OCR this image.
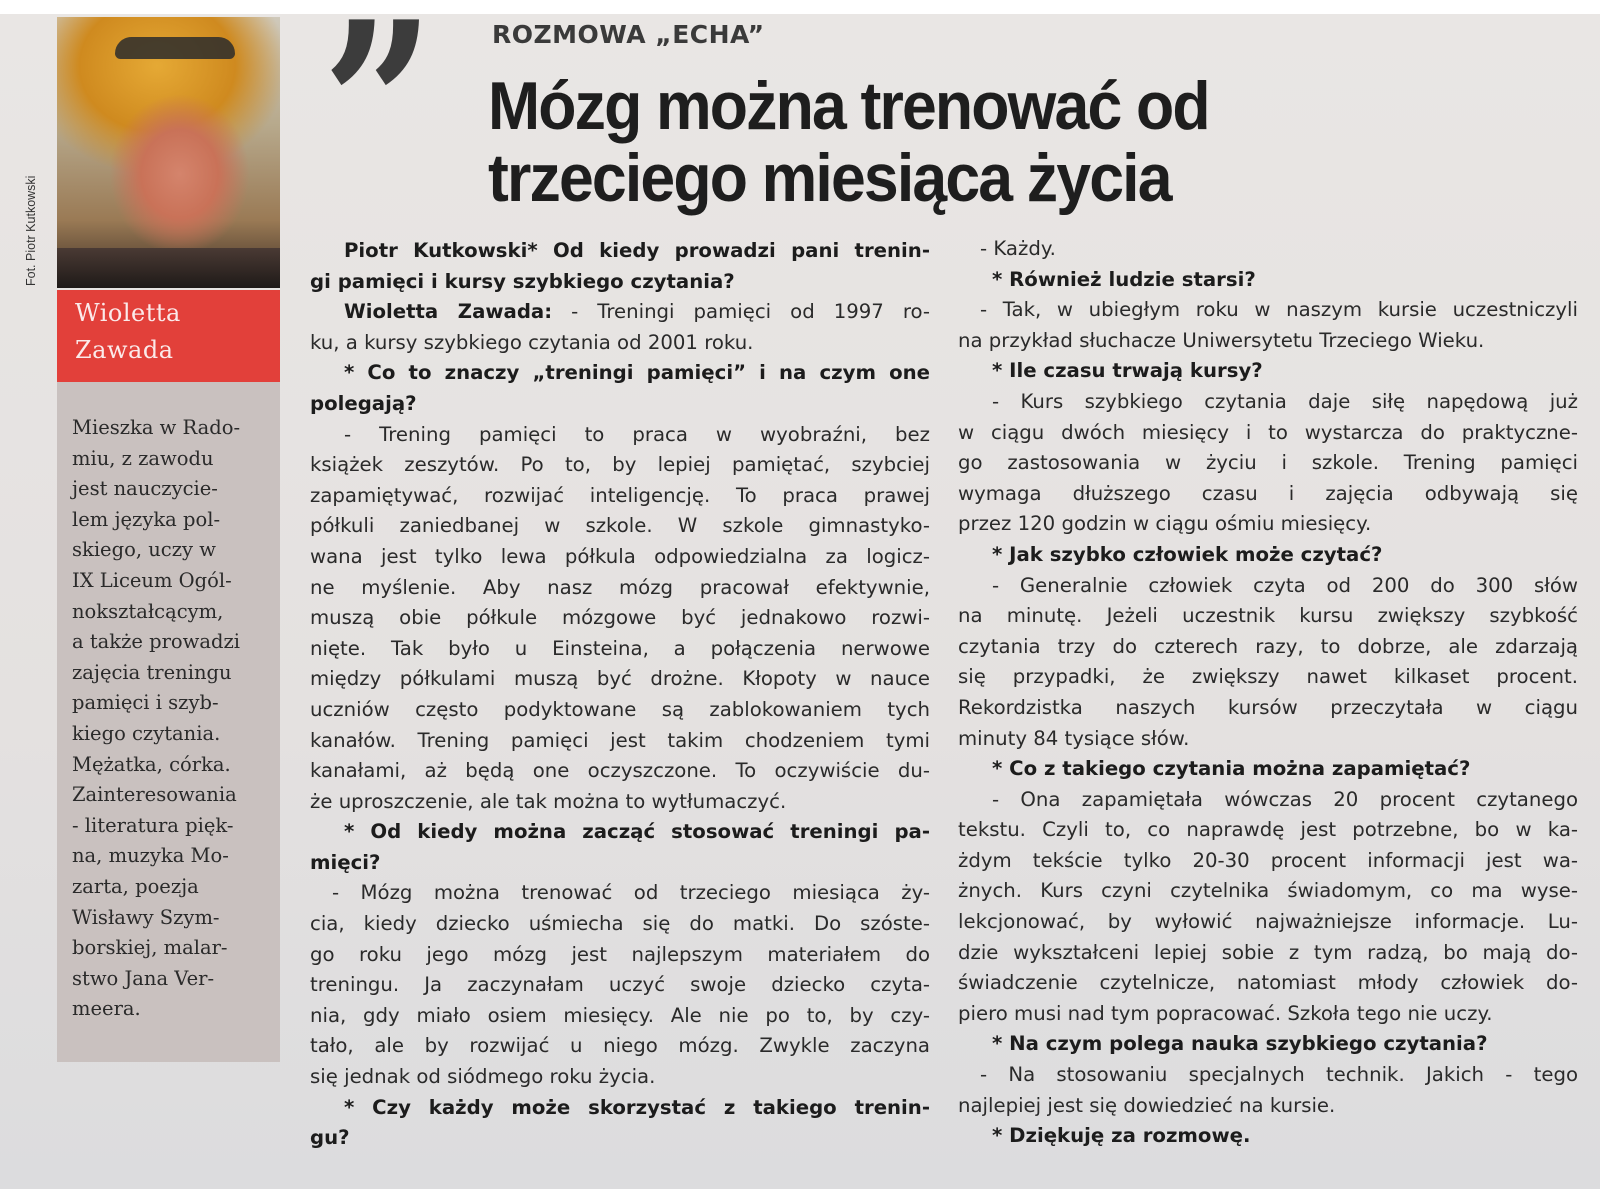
Fot. Piotr Kutkowski
Wioletta
Zawada
Mieszka w Rado-
miu, z zawodu
jest nauczycie-
lem języka pol-
skiego, uczy w
IX Liceum Ogól-
nokształcącym,
a także prowadzi
zajęcia treningu
pamięci i szyb-
kiego czytania.
Mężatka, córka.
Zainteresowania
- literatura pięk-
na, muzyka Mo-
zarta, poezja
Wisławy Szym-
borskiej, malar-
stwo Jana Ver-
meera.
”	ROZMOWA „ECHA”
Mózg można trenować od
trzeciego miesiąca życia

Piotr Kutkowski* Od kiedy prowadzi pani trenin-

gi pamięci i kursy szybkiego czytania?

Wioletta Zawada: - Treningi pamięci od 1997 ro-

ku, a kursy szybkiego czytania od 2001 roku.

* Co to znaczy „treningi pamięci” i na czym one

polegają?

- Trening pamięci to praca w wyobraźni, bez

książek zeszytów. Po to, by lepiej pamiętać, szybciej

zapamiętywać, rozwijać inteligencję. To praca prawej

półkuli zaniedbanej w szkole. W szkole gimnastyko-

wana jest tylko lewa półkula odpowiedzialna za logicz-

ne myślenie. Aby nasz mózg pracował efektywnie,

muszą obie półkule mózgowe być jednakowo rozwi-

nięte. Tak było u Einsteina, a połączenia nerwowe

między półkulami muszą być drożne. Kłopoty w nauce

uczniów często podyktowane są zablokowaniem tych

kanałów. Trening pamięci jest takim chodzeniem tymi

kanałami, aż będą one oczyszczone. To oczywiście du-

że uproszczenie, ale tak można to wytłumaczyć.

* Od kiedy można zacząć stosować treningi pa-

mięci?

- Mózg można trenować od trzeciego miesiąca ży-

cia, kiedy dziecko uśmiecha się do matki. Do szóste-

go roku jego mózg jest najlepszym materiałem do

treningu. Ja zaczynałam uczyć swoje dziecko czyta-

nia, gdy miało osiem miesięcy. Ale nie po to, by czy-

tało, ale by rozwijać u niego mózg. Zwykle zaczyna

się jednak od siódmego roku życia.

* Czy każdy może skorzystać z takiego trenin-

gu?

- Każdy.

* Również ludzie starsi?

- Tak, w ubiegłym roku w naszym kursie uczestniczyli

na przykład słuchacze Uniwersytetu Trzeciego Wieku.

* Ile czasu trwają kursy?

- Kurs szybkiego czytania daje siłę napędową już

w ciągu dwóch miesięcy i to wystarcza do praktyczne-

go zastosowania w życiu i szkole. Trening pamięci

wymaga dłuższego czasu i zajęcia odbywają się

przez 120 godzin w ciągu ośmiu miesięcy.

* Jak szybko człowiek może czytać?

- Generalnie człowiek czyta od 200 do 300 słów

na minutę. Jeżeli uczestnik kursu zwiększy szybkość

czytania trzy do czterech razy, to dobrze, ale zdarzają

się przypadki, że zwiększy nawet kilkaset procent.

Rekordzistka naszych kursów przeczytała w ciągu

minuty 84 tysiące słów.

* Co z takiego czytania można zapamiętać?

- Ona zapamiętała wówczas 20 procent czytanego

tekstu. Czyli to, co naprawdę jest potrzebne, bo w ka-

żdym tekście tylko 20-30 procent informacji jest wa-

żnych. Kurs czyni czytelnika świadomym, co ma wyse-

lekcjonować, by wyłowić najważniejsze informacje. Lu-

dzie wykształceni lepiej sobie z tym radzą, bo mają do-

świadczenie czytelnicze, natomiast młody człowiek do-

piero musi nad tym popracować. Szkoła tego nie uczy.

* Na czym polega nauka szybkiego czytania?

- Na stosowaniu specjalnych technik. Jakich - tego

najlepiej jest się dowiedzieć na kursie.

* Dziękuję za rozmowę.
